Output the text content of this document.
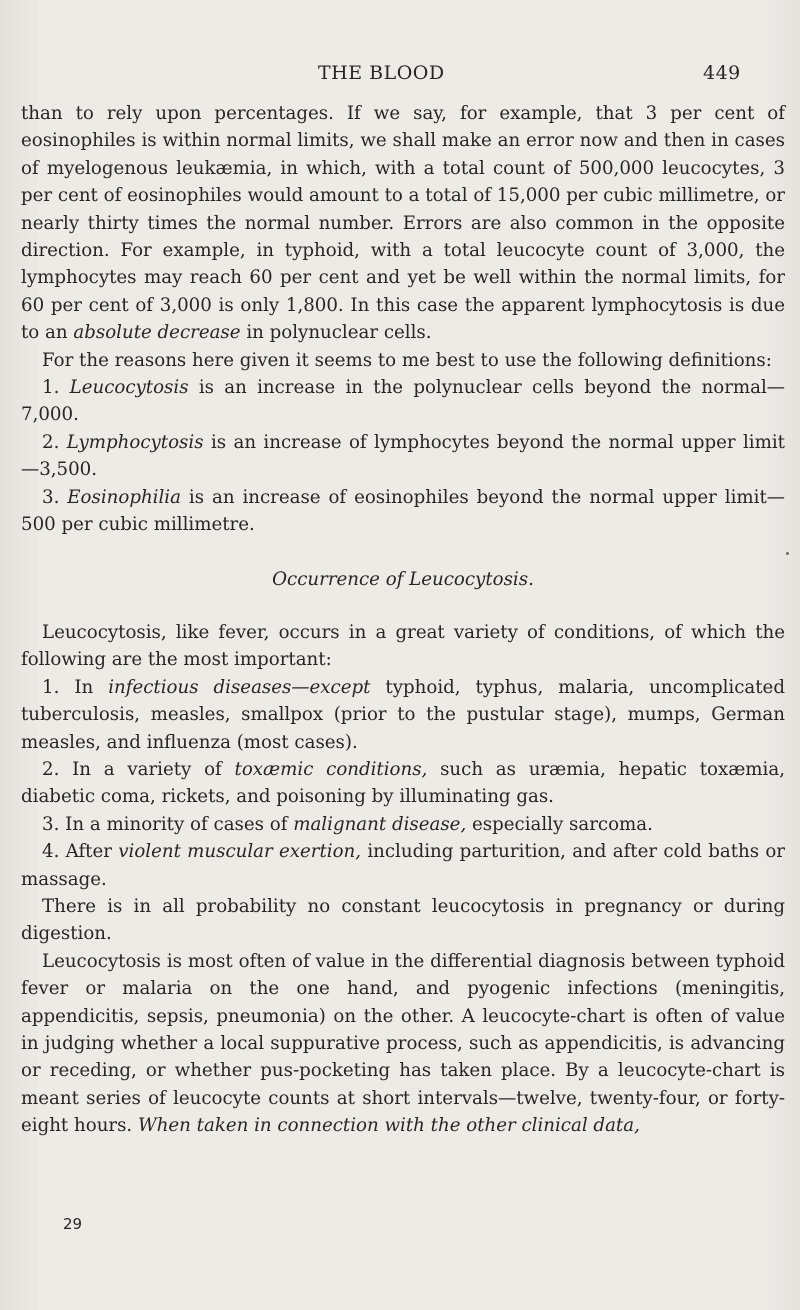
THE BLOOD	449

than to rely upon percentages. If we say, for example, that 3 per cent of eosinophiles is within normal limits, we shall make an error now and then in cases of myelogenous leukæmia, in which, with a total count of 500,000 leucocytes, 3 per cent of eosinophiles would amount to a total of 15,000 per cubic millimetre, or nearly thirty times the normal number. Errors are also common in the opposite direction. For example, in typhoid, with a total leucocyte count of 3,000, the lymphocytes may reach 60 per cent and yet be well within the normal limits, for 60 per cent of 3,000 is only 1,800. In this case the apparent lymphocytosis is due to an absolute decrease in polynuclear cells.

For the reasons here given it seems to me best to use the following definitions:

1. Leucocytosis is an increase in the polynuclear cells beyond the normal—7,000.

2. Lymphocytosis is an increase of lymphocytes beyond the normal upper limit—3,500.

3. Eosinophilia is an increase of eosinophiles beyond the normal upper limit—500 per cubic millimetre.

Occurrence of Leucocytosis.

Leucocytosis, like fever, occurs in a great variety of conditions, of which the following are the most important:

1. In infectious diseases—except typhoid, typhus, malaria, uncomplicated tuberculosis, measles, smallpox (prior to the pustular stage), mumps, German measles, and influenza (most cases).

2. In a variety of toxæmic conditions, such as uræmia, hepatic toxæmia, diabetic coma, rickets, and poisoning by illuminating gas.

3. In a minority of cases of malignant disease, especially sarcoma.

4. After violent muscular exertion, including parturition, and after cold baths or massage.

There is in all probability no constant leucocytosis in pregnancy or during digestion.

Leucocytosis is most often of value in the differential diagnosis between typhoid fever or malaria on the one hand, and pyogenic infections (meningitis, appendicitis, sepsis, pneumonia) on the other. A leucocyte-chart is often of value in judging whether a local suppurative process, such as appendicitis, is advancing or receding, or whether pus-pocketing has taken place. By a leucocyte-chart is meant series of leucocyte counts at short intervals—twelve, twenty-four, or forty-eight hours. When taken in connection with the other clinical data,

29
